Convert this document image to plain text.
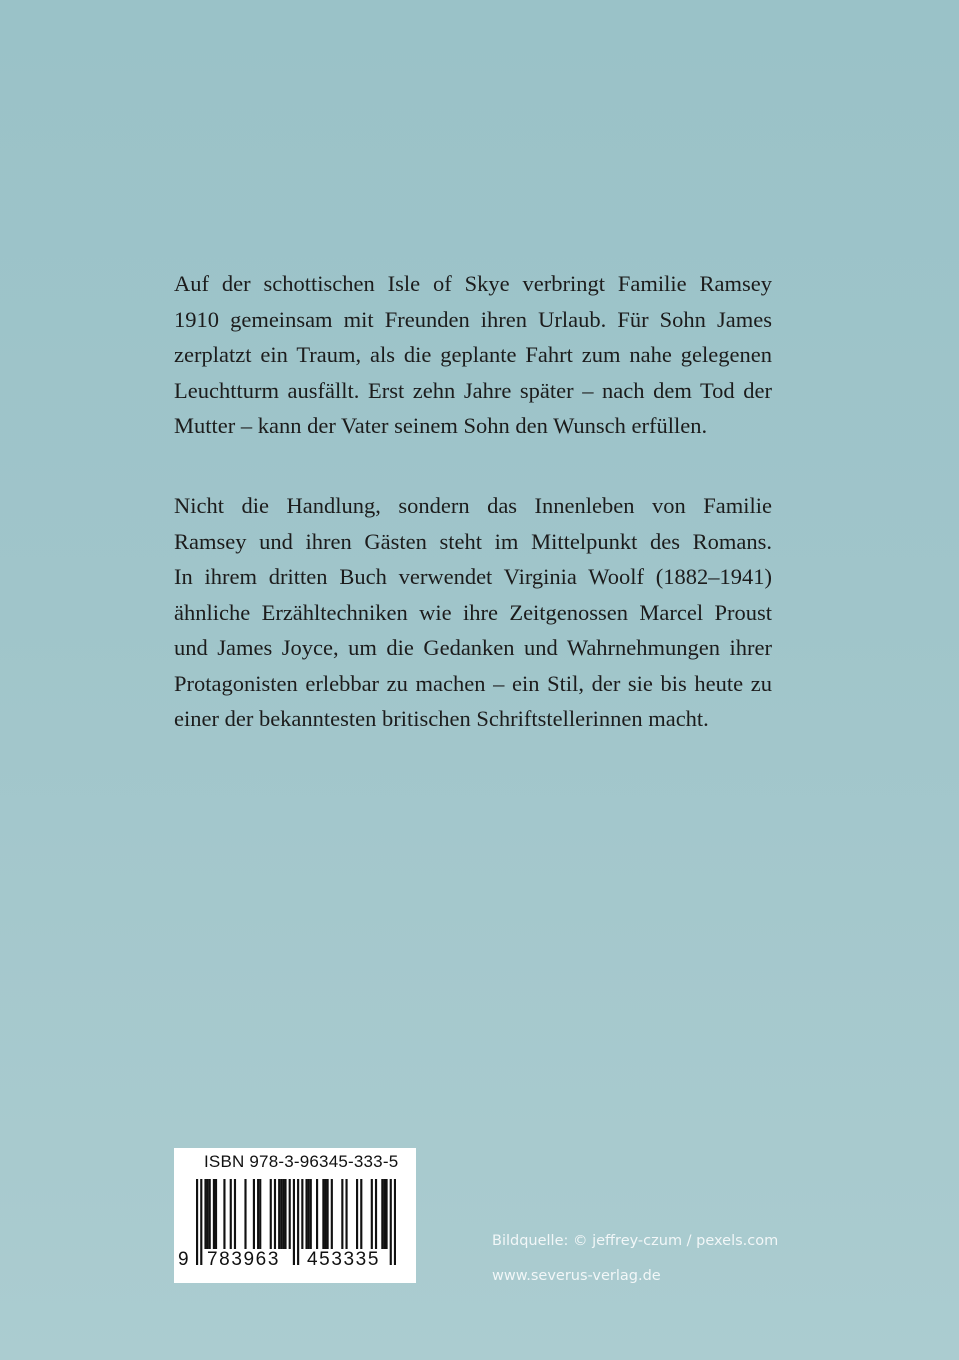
Auf der schottischen Isle of Skye verbringt Familie Ramsey
1910 gemeinsam mit Freunden ihren Urlaub. Für Sohn James
zerplatzt ein Traum, als die geplante Fahrt zum nahe gelegenen
Leuchtturm ausfällt. Erst zehn Jahre später – nach dem Tod der
Mutter – kann der Vater seinem Sohn den Wunsch erfüllen.
Nicht die Handlung, sondern das Innenleben von Familie
Ramsey und ihren Gästen steht im Mittelpunkt des Romans.
In ihrem dritten Buch verwendet Virginia Woolf (1882–1941)
ähnliche Erzähltechniken wie ihre Zeitgenossen Marcel Proust
und James Joyce, um die Gedanken und Wahrnehmungen ihrer
Protagonisten erlebbar zu machen – ein Stil, der sie bis heute zu
einer der bekanntesten britischen Schriftstellerinnen macht.
ISBN 978-3-96345-333-5
9 783963 453335
Bildquelle: © jeffrey-czum / pexels.com
www.severus-verlag.de
